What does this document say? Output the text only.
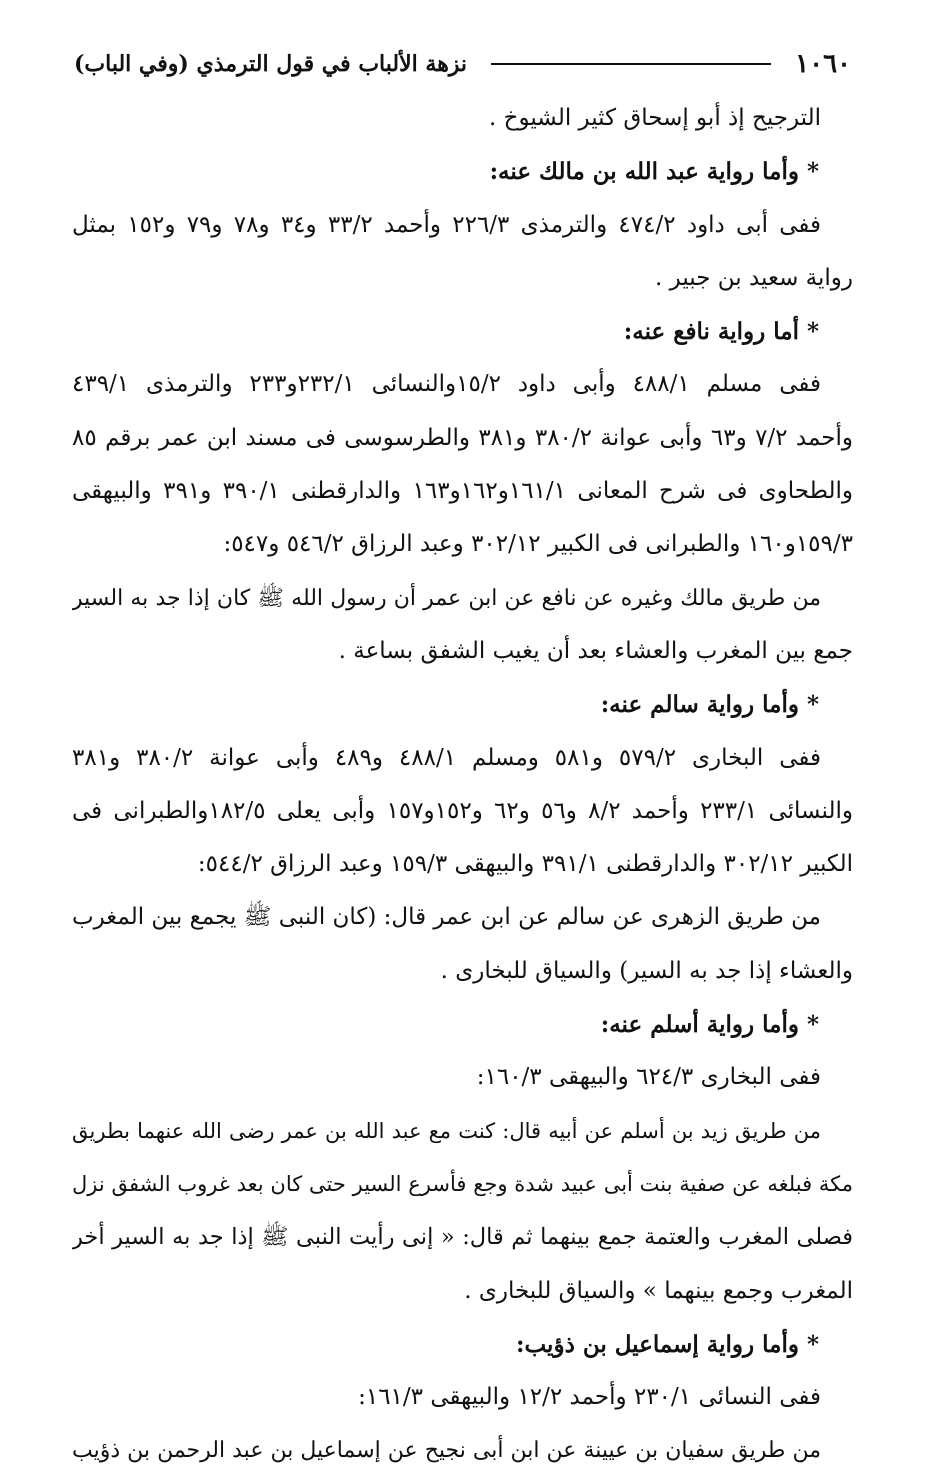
١٠٦٠
نزهة الألباب في قول الترمذي (وفي الباب)
الترجيح إذ أبو إسحاق كثير الشيوخ .
* وأما رواية عبد الله بن مالك عنه:
ففى أبى داود ٤٧٤/٢ والترمذى ٢٢٦/٣ وأحمد ٣٣/٢ و٣٤ و٧٨ و٧٩ و١٥٢ بمثل
رواية سعيد بن جبير .
* أما رواية نافع عنه:
ففى مسلم ٤٨٨/١ وأبى داود ١٥/٢والنسائى ٢٣٢/١و٢٣٣ والترمذى ٤٣٩/١
وأحمد ٧/٢ و٦٣ وأبى عوانة ٣٨٠/٢ و٣٨١ والطرسوسى فى مسند ابن عمر برقم ٨٥
والطحاوى فى شرح المعانى ١٦١/١و١٦٢و١٦٣ والدارقطنى ٣٩٠/١ و٣٩١ والبيهقى
١٥٩/٣و١٦٠ والطبرانى فى الكبير ٣٠٢/١٢ وعبد الرزاق ٥٤٦/٢ و٥٤٧:
من طريق مالك وغيره عن نافع عن ابن عمر أن رسول الله ﷺ كان إذا جد به السير
جمع بين المغرب والعشاء بعد أن يغيب الشفق بساعة .
* وأما رواية سالم عنه:
ففى البخارى ٥٧٩/٢ و٥٨١ ومسلم ٤٨٨/١ و٤٨٩ وأبى عوانة ٣٨٠/٢ و٣٨١
والنسائى ٢٣٣/١ وأحمد ٨/٢ و٥٦ و٦٢ و١٥٢و١٥٧ وأبى يعلى ١٨٢/٥والطبرانى فى
الكبير ٣٠٢/١٢ والدارقطنى ٣٩١/١ والبيهقى ١٥٩/٣ وعبد الرزاق ٥٤٤/٢:
من طريق الزهرى عن سالم عن ابن عمر قال: (كان النبى ﷺ يجمع بين المغرب
والعشاء إذا جد به السير) والسياق للبخارى .
* وأما رواية أسلم عنه:
ففى البخارى ٦٢٤/٣ والبيهقى ١٦٠/٣:
من طريق زيد بن أسلم عن أبيه قال: كنت مع عبد الله بن عمر رضى الله عنهما بطريق
مكة فبلغه عن صفية بنت أبى عبيد شدة وجع فأسرع السير حتى كان بعد غروب الشفق نزل
فصلى المغرب والعتمة جمع بينهما ثم قال: « إنى رأيت النبى ﷺ إذا جد به السير أخر
المغرب وجمع بينهما » والسياق للبخارى .
* وأما رواية إسماعيل بن ذؤيب:
ففى النسائى ٢٣٠/١ وأحمد ١٢/٢ والبيهقى ١٦١/٣:
من طريق سفيان بن عيينة عن ابن أبى نجيح عن إسماعيل بن عبد الرحمن بن ذؤيب
